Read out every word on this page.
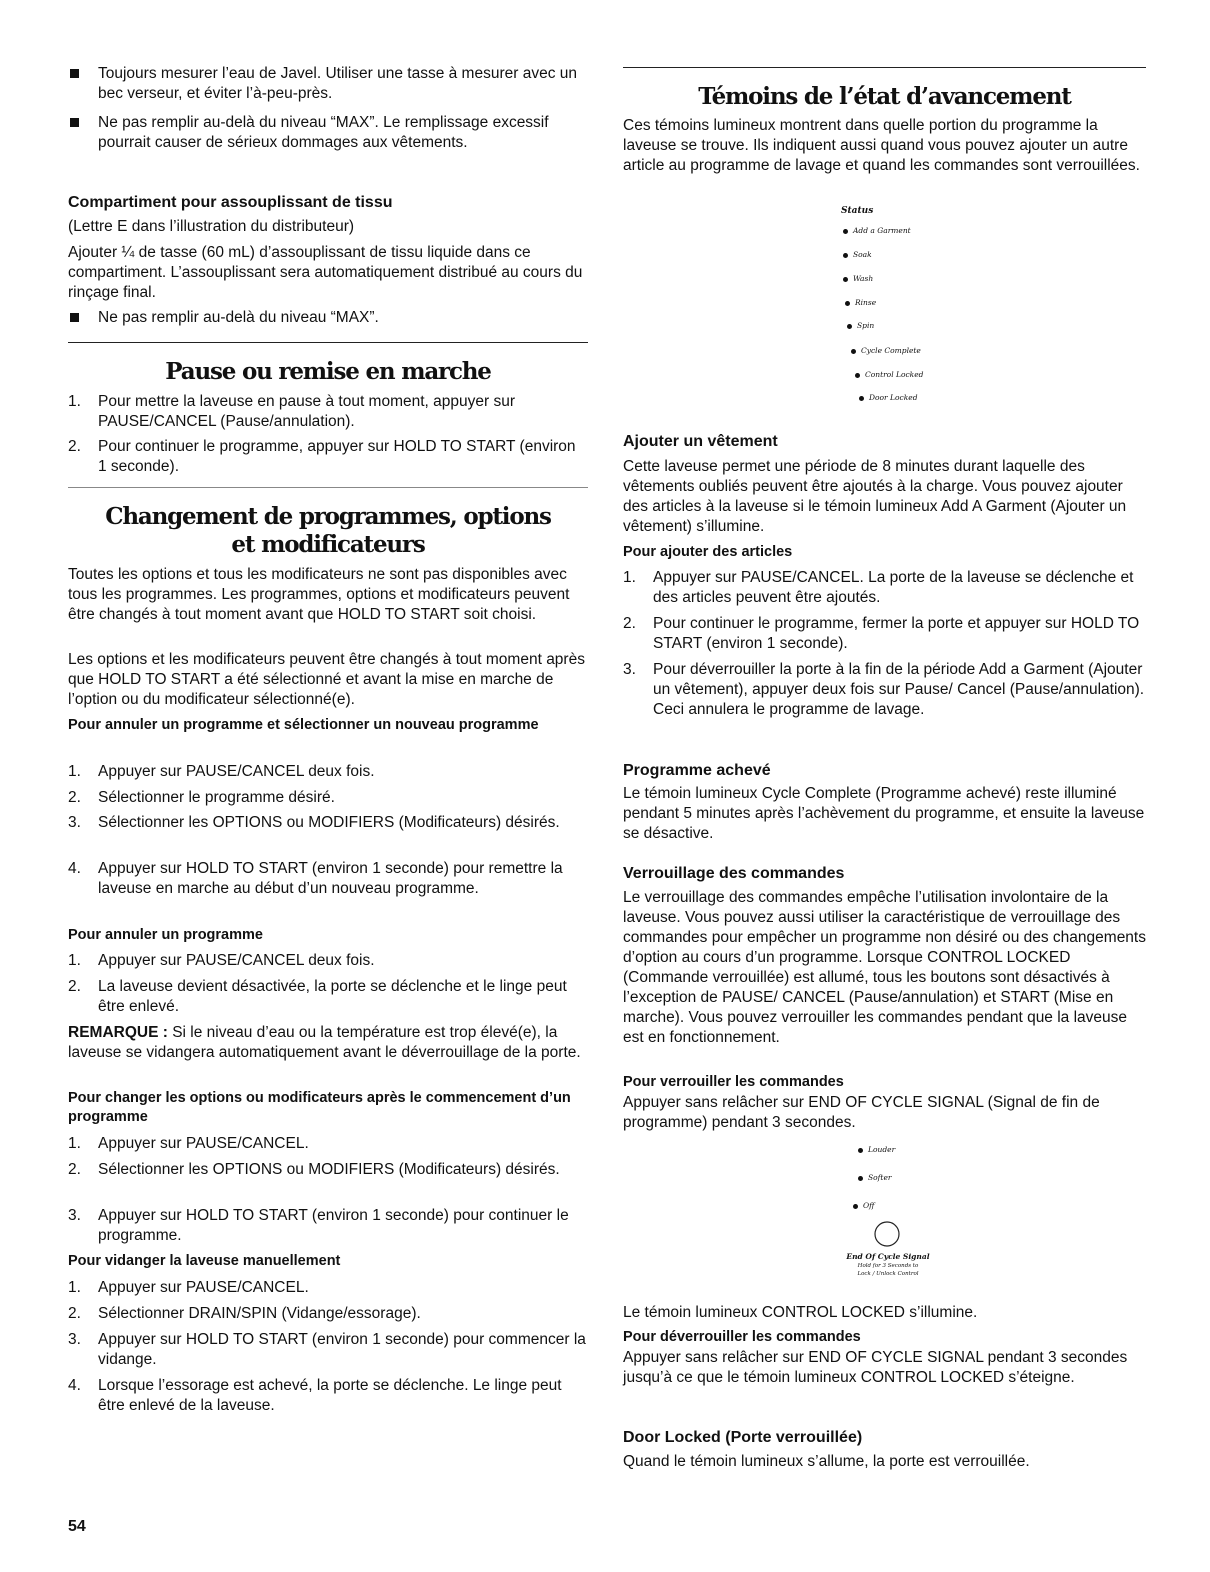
Toujours mesurer l’eau de Javel. Utiliser une tasse à mesurer avec un bec verseur, et éviter l’à-peu-près.
Ne pas remplir au-delà du niveau “MAX”. Le remplissage excessif pourrait causer de sérieux dommages aux vêtements.
Compartiment pour assouplissant de tissu

(Lettre E dans l’illustration du distributeur)

Ajouter ¼ de tasse (60 mL) d’assouplissant de tissu liquide dans ce compartiment. L’assouplissant sera automatiquement distribué au cours du rinçage final.

Ne pas remplir au-delà du niveau “MAX”.
Pause ou remise en marche
1. Pour mettre la laveuse en pause à tout moment, appuyer sur PAUSE/CANCEL (Pause/annulation).
2. Pour continuer le programme, appuyer sur HOLD TO START (environ 1 seconde).
Changement de programmes, options et modificateurs

Toutes les options et tous les modificateurs ne sont pas disponibles avec tous les programmes. Les programmes, options et modificateurs peuvent être changés à tout moment avant que HOLD TO START soit choisi.

Les options et les modificateurs peuvent être changés à tout moment après que HOLD TO START a été sélectionné et avant la mise en marche de l’option ou du modificateur sélectionné(e).

Pour annuler un programme et sélectionner un nouveau programme
1. Appuyer sur PAUSE/CANCEL deux fois.
2. Sélectionner le programme désiré.
3. Sélectionner les OPTIONS ou MODIFIERS (Modificateurs) désirés.
4. Appuyer sur HOLD TO START (environ 1 seconde) pour remettre la laveuse en marche au début d’un nouveau programme.
Pour annuler un programme
1. Appuyer sur PAUSE/CANCEL deux fois.
2. La laveuse devient désactivée, la porte se déclenche et le linge peut être enlevé.

REMARQUE : Si le niveau d’eau ou la température est trop élevé(e), la laveuse se vidangera automatiquement avant le déverrouillage de la porte.

Pour changer les options ou modificateurs après le commencement d’un programme
1. Appuyer sur PAUSE/CANCEL.
2. Sélectionner les OPTIONS ou MODIFIERS (Modificateurs) désirés.
3. Appuyer sur HOLD TO START (environ 1 seconde) pour continuer le programme.
Pour vidanger la laveuse manuellement
1. Appuyer sur PAUSE/CANCEL.
2. Sélectionner DRAIN/SPIN (Vidange/essorage).
3. Appuyer sur HOLD TO START (environ 1 seconde) pour commencer la vidange.
4. Lorsque l’essorage est achevé, la porte se déclenche. Le linge peut être enlevé de la laveuse.
54
Témoins de l’état d’avancement

Ces témoins lumineux montrent dans quelle portion du programme la laveuse se trouve. Ils indiquent aussi quand vous pouvez ajouter un autre article au programme de lavage et quand les commandes sont verrouillées.

Status
Add a Garment
Soak
Wash
Rinse
Spin
Cycle Complete
Control Locked
Door Locked
Ajouter un vêtement

Cette laveuse permet une période de 8 minutes durant laquelle des vêtements oubliés peuvent être ajoutés à la charge. Vous pouvez ajouter des articles à la laveuse si le témoin lumineux Add A Garment (Ajouter un vêtement) s’illumine.

Pour ajouter des articles
1. Appuyer sur PAUSE/CANCEL. La porte de la laveuse se déclenche et des articles peuvent être ajoutés.
2. Pour continuer le programme, fermer la porte et appuyer sur HOLD TO START (environ 1 seconde).
3. Pour déverrouiller la porte à la fin de la période Add a Garment (Ajouter un vêtement), appuyer deux fois sur Pause/ Cancel (Pause/annulation). Ceci annulera le programme de lavage.
Programme achevé

Le témoin lumineux Cycle Complete (Programme achevé) reste illuminé pendant 5 minutes après l’achèvement du programme, et ensuite la laveuse se désactive.

Verrouillage des commandes

Le verrouillage des commandes empêche l’utilisation involontaire de la laveuse. Vous pouvez aussi utiliser la caractéristique de verrouillage des commandes pour empêcher un programme non désiré ou des changements d’option au cours d’un programme. Lorsque CONTROL LOCKED (Commande verrouillée) est allumé, tous les boutons sont désactivés à l’exception de PAUSE/ CANCEL (Pause/annulation) et START (Mise en marche). Vous pouvez verrouiller les commandes pendant que la laveuse est en fonctionnement.

Pour verrouiller les commandes

Appuyer sans relâcher sur END OF CYCLE SIGNAL (Signal de fin de programme) pendant 3 secondes.

Louder
Softer
Off
End Of Cycle Signal
Hold for 3 Seconds to
Lock / Unlock Control

Le témoin lumineux CONTROL LOCKED s’illumine.

Pour déverrouiller les commandes

Appuyer sans relâcher sur END OF CYCLE SIGNAL pendant 3 secondes jusqu’à ce que le témoin lumineux CONTROL LOCKED s’éteigne.

Door Locked (Porte verrouillée)

Quand le témoin lumineux s’allume, la porte est verrouillée.
